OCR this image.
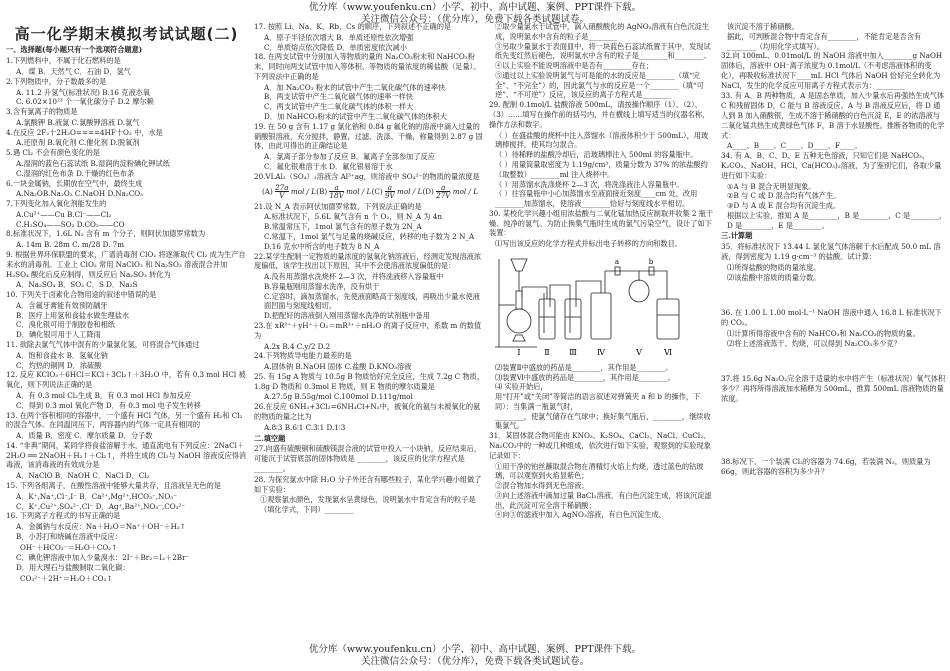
优分库（www.youfenku.cn）小学、初中、高中试题、案例、PPT课件下载。
关注微信公众号：（优分库），免费下载各类试题试卷。
高一化学期末模拟考试试题(二)
一、选择题(每小题只有一个选项符合题意)
1.下列燃料中，不属于化石燃料的是
A．煤 B．天然气 C．石油 D．氢气
2.下列物质中，分子数最多的是
A. 11.2 升氢气(标准状况) B.16 克液态氧
C. 6.02×10²³ 个一氧化碳分子 D.2 摩尔赖
3.含有氯离子的物质是
A.氯酸钾 B.液氯 C.氯酸钾溶液 D.氯气
4.在反应 2F₂十2H₂O====4HF十O₂ 中，水是
A.还原剂 B.氧化剂 C.催化剂 D.脱氧剂
5.遇 Cl₂ 不会有颜色变化的是
A.湿润的蓝色石蕊试纸 B.湿润的淀粉碘化钾试纸
C.湿润的红色布条 D.干燥的红色布条
6.一块金属钠，长期放在空气中，最终生成
A.Na₂OB.Na₂O₂ C.NaOH D.Na₂CO₃
7.下列变化加入氧化剂能发生的
A.Cu²⁺——Cu B.Cl⁻——Cl₂
C.H₂SO₄——SO₂ D.CO₂——CO
8.标准状况下，1.6L N₂ 含有 m 个分子，则阿伏加德罗常数为
A. 14m B. 28m C. m/28 D. 7m
9. 根据世界环保联盟的要求，广谱消毒剂 ClO₂ 将逐渐取代 Cl₂ 成为生产自来水的消毒剂。工业上 ClO₂ 常用 NaClO₃ 和 Na₂SO₃ 溶液混合并加 H₂SO₄ 酸化后反应制得，则反应后 Na₂SO₃ 转化为
A．Na₂SO₄ B．SO₂ C．S D．Na₂S
10. 下列关于卤素化合物用途的叙述中错误的是
A．含氟牙膏能有效预防龋牙
B．医疗上用氢和食盐水做生理盐水
C．溴化银可用于制胶卷和相纸
D．碘化银可用于人工降雨
11. 欲除去氯气气体中混有的少量氯化氢，可将混合气体通过
A．饱和食盐水 B．氢氧化钠
C．灼热的铜网 D．浓硫酸
12. 反应 KClO₃＋6HCl＝KCl＋3Cl₂↑＋3H₂O 中，若有 0.3 mol HCl 被氧化，则下列说法正确的是
A．有 0.3 mol Cl₂生成 B．有 0.3 mol HCl 参加反应
C．得到 0.3 mol 氧化产物 D．有 0.3 mol 电子发生转移
13. 在两个容积相同的容器中，一个盛有 HCl 气体，另一个盛有 H₂和 Cl₂的混合气体。在同温同压下，两容器内的气体一定具有相同的
A．质量 B．密度 C．摩尔质量 D．分子数
14. “非典”期间，某同学将食盐溶解于水，通直流电有下列反应：2NaCl＋2H₂O ══ 2NaOH＋H₂↑＋Cl₂↑，并将生成的 Cl₂与 NaOH 溶液反应得消毒液，该消毒液的有效成分是
A．NaClO B．NaOH C．NaCl D．Cl₂
15. 下列各组离子，在酸性溶液中能够大量共存，且溶液呈无色的是
A．K⁺,Na⁺,Cl⁻,I⁻ B．Ca²⁺,Mg²⁺,HCO₃⁻,NO₃⁻
C．K⁺,Cu²⁺,SO₄²⁻,Cl⁻ D．Ag⁺,Ba²⁺,NO₃⁻,CO₃²⁻
16. 下列离子方程式的书写正确的是
A．金属钠与水反应：Na＋H₂O＝Na⁺＋OH⁻＋H₂↑
B．小苏打和烧碱在溶液中反应：
OH⁻＋HCO₃⁻＝H₂O＋CO₂↑
C．碘化钾溶液中加入少量溴水：2I⁻＋Br₂＝I₂＋2Br⁻
D．用大理石与盐酸制取二氧化碳：
CO₃²⁻＋2H⁺＝H₂O＋CO₂↑
17. 按照 Li、Na、K、Rb、Cs 的顺序，下列叙述不正确的是
A．原子半径依次增大 B．单质还原性依次增强
C．单质熔点依次降低 D．单质密度依次减小
18. 在两支试管中分别加入等物质的量的 Na₂CO₃粉末和 NaHCO₃粉末，同时向两支试管中加入等体积、等物质的量浓度的稀盐酸（足量）。下列说法中正确的是
A．加 Na₂CO₃ 粉末的试管中产生二氧化碳气体的速率快
B．两支试管中产生二氧化碳气体的速率一样快
C．两支试管中产生二氧化碳气体的体积一样大
D．加 NaHCO₃粉末的试管中产生二氧化碳气体的体积大
19. 在 50 g 含有 1.17 g 氯化钠和 0.84 g 氟化钠的溶液中滴入过量的硝酸银溶液，充分搅拌，静置，过滤、洗涤、干燥，称量得到 2.87 g 固体，由此可得出的正确结论是
A．氯离子部分参加了反应 B．氟离子全部参加了反应
C．氟化银难溶于水 D．氟化银易溶于水
20.VLAl₂（SO₄）₃溶液含 Al³⁺ag，则溶液中 SO₄²⁻的物质的量浓度是
$(A) \frac{27a}{V}$ mol / L $(B) \frac{a}{18V}$ mol / L $(C) \frac{a}{9V}$ mol / L $(D) \frac{a}{27V}$ mol / L
21.设 N_A 表示阿伏加德罗常数，下列说法正确的是
A.标准状况下，5.6L 氧气含有 n 个 O₂，则 N_A 为 4n
B.常温常压下，1mol 氯气含有的原子数为 2N_A
C.常温下，1mol 氯气与足量的烧碱反应，转移的电子数为 2 N_A
D.16 克水中所含的电子数为 8 N_A
22.某学生配制一定物质的量浓度的氢氧化钠溶液后，经测定发现溶液浓度偏低，该学生找出以下原因，其中不会使溶液浓度偏低的是：
A.没有用蒸馏水洗烧杯 2—3 次，并将洗液移入容量瓶中
B.容量瓶刚用蒸馏水洗净，没有烘干
C.定容时，滴加蒸馏水，先使液面略高于刻度线，再吸出少量水使液面凹面与刻度线相切。
D.把配好的溶液倒入刚用蒸馏水洗净的试剂瓶中备用
23.在 xR²⁺＋yH⁺＋O₂＝mR³⁺＋nH₂O 的离子反应中，系数 m 的数值为
A.2x B.4 C.y/2 D.2
24.下列物质导电能力最差的是
A.固体钠 B.NaOH 固体 C.盐酸 D.KNO₃溶液
25. 有 15g A 物质与 10.5g B 物质恰好完全反应，生成 7.2g C 物质，1.8g D 物质和 0.3mol E 物质，则 E 物质的摩尔质量是
A.27.5g B.55g/mol C.100mol D.111g/mol
26.在反应 6NH₃+3Cl₂=6NH₄Cl+N₂中，被氧化的氨与未被氧化的氨的物质的量之比为
A.8∶3 B.6∶1 C.3∶1 D.1∶3
二.填空题
27.向盛有硫酸铜和硫酸镁混合液的试管中投入一小块钠，反应结束后，可能沉于试管底部的固体物质是 ________，该反应的化学方程式是 ________。
28. 为探究氯水中除 H₂O 分子外还含有哪些粒子，某化学兴趣小组做了如下实验：
①观察氯水颜色，发现氯水呈黄绿色，说明氯水中肯定含有的粒子是（填化学式，下同）________
②取少量氯水于试管中，滴入硝酸酸化的 AgNO₃溶液有白色沉淀生成，说明氯水中含有的粒子是________
③另取少量氯水于表面皿中，将一块蓝色石蕊试纸置于其中，发现试纸先变红然后褪色，说明氯水中含有的粒子是________和________。
④以上实验不能说明溶液中是否有________存在；
⑤通过以上实验说明氯气与可是能的水的反应是________（填“完全”、“不完全”）的，因此氯气与水的反应是一个________（填“可逆”、“不可逆”）反应，该反应的离子方程式是________
29. 配制 0.1mol/L 盐酸溶液 500mL，请按操作顺序（1）、（2）、（3）……填写在操作前的括号内，并在横线上填写适当的仪器名称，操作方法和数字。
（ ）在盛盐酸的烧杯中注入蒸馏水（溶液体积少于 500mL），用玻璃棒搅拌，使其均匀混合。
（ ）待稀释的盐酸冷却后，沿玻璃棒注入 500ml 的容量瓶中。
（ ）用量筒量取密度为 1.19g/cm³，质量分数为 37% 的浓盐酸约（取整数）________ml 注入烧杯中。
（ ）用蒸馏水洗涤烧杯 2—3 次，将洗涤液注入容量瓶中。
（ ）往容量瓶中小心加蒸馏水至液面接近刻度____cm 处，改用________加蒸馏水，使溶液________恰好与刻度线水平相切。
30. 某校化学兴趣小组用浓盐酸与二氧化锰加热反应制取并收集 2 瓶干燥、纯净的氯气。为防止换集气瓶时生成的氯气污染空气，设计了如下装置：
⑴写出该反应的化学方程式并标出电子转移的方向和数目。
Ⅰ	Ⅱ Ⅲ	Ⅳ	Ⅴ	Ⅵ
a	b
⑵装置Ⅱ中盛放的药品是________，其作用是________。
⑶装置Ⅵ中盛放的药品是________，其作用是________。
⑷ 实验开始后，
用“打开”或“关闭”等简洁的语言叙述对弹簧夹 a 和 b 的操作，下同）：当集满一瓶氯气时，
________，使氯气储存在气球中；换好集气瓶后，________，继续收集氯气。
31．某固体混合物可能由 KNO₃、K₂SO₄、CaCl₂、NaCl、CuCl₂、Na₂CO₃中的一种或几种组成，依次进行如下实验，观察到的实验现象记录如下：
①用干净的铂丝蘸取混合物在酒精灯火焰上灼烧，透过蓝色的钴玻璃，可以观察到火焰显紫色；
②混合物加水得到无色溶液；
③向上述溶液中滴加过量 BaCl₂溶液，有白色沉淀生成，将该沉淀滤出，此沉淀可完全溶于稀硝酸；
④向③的滤液中加入 AgNO₃溶液，有白色沉淀生成，
该沉淀不溶于稀硝酸。
据此，可判断混合物中肯定含有________，不能肯定是否含有________（均用化学式填写）。
32.向 100mL、0.01mol/L 的 NaOH 溶液中加入________g NaOH 固体后，溶液中 OH⁻离子浓度为 0.1mol/L（不考虑溶液体积的变化），再吸收标准状况下____mL HCl 气体后 NaOH 恰好完全转化为 NaCl，发生的化学反应可用离子方程式表示为：________
33. 有 A、B 两种物质，A 是固态单质，加入少量水后再强热生成气体 C 和残留固体 D，C 能与 B 溶液反应。A 与 B 溶液反应后，将 D 通人到 B 加入硝酸银，生成不溶于稀硝酸的白色沉淀 E，E 的浓溶液与二氧化锰共热生成黄绿色气体 F，B 溶于水显酸性。推断各物质的化学式：
A____、B____、C____、D____、F____。
34. 有 A、B、C、D、E 五种无色溶液，只知它们是 NaHCO₃、K₂CO₃、NaOH、HCl、Ca(HCO₃)₂溶液，为了鉴别它们，各取少量进行如下实验：
①A 与 B 混合无明显现象。
②B 与 C 或 D 混合均有气体产生。
③D 与 A 或 E 混合均有沉淀生成。
根据以上实验，推知 A 是________，B 是________，C 是________，D 是________，E 是________。
三.计算题
35．将标准状况下 13.44 L 氯化氢气体溶解于水后配成 50.0 mL 溶液，得到密度为 1.19 g·cm⁻³ 的盐酸。试计算：
⑴所得盐酸的物质的量浓度。
⑵该盐酸中溶质的质量分数。
36. 在 1.00 L 1.00 mol·L⁻¹ NaOH 溶液中通入 16.8 L 标准状况下的 CO₂。
⑴计算所得溶液中含有的 NaHCO₃和 Na₂CO₃的物质的量。
⑵将上述溶液蒸干、灼烧，可以得到 Na₂CO₃多少克？
37.将 15.6g Na₂O₂完全溶于适量的水中将产生（标准状况）氧气体积多少？再将所得溶液加水稀释为 500mL，推算 500mL 溶液物质的量浓度。
38.标况下，一个装满 Cl₂的容器为 74.6g，若装满 N₂，则质量为 66g，则此容器的容积为多少升？
优分库（www.youfenku.cn）小学、初中、高中试题、案例、PPT课件下载。
关注微信公众号：（优分库），免费下载各类试题试卷。
